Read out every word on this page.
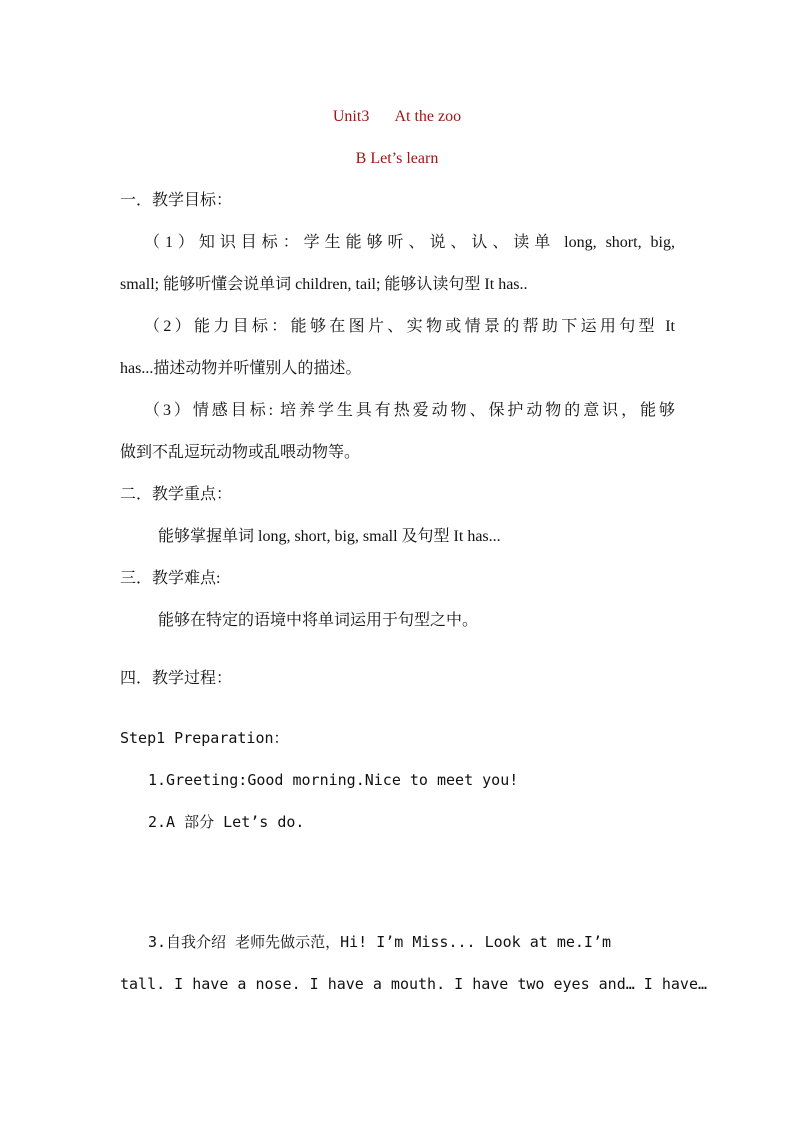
Unit3 At the zoo
B Let’s learn
一．教学目标：
（1）知识目标：学生能够听、说、认、读单 long, short, big,
small; 能够听懂会说单词 children, tail; 能够认读句型 It has..
（2）能力目标：能够在图片、实物或情景的帮助下运用句型 It
has...描述动物并听懂别人的描述。
（3）情感目标: 培养学生具有热爱动物、保护动物的意识，能够
做到不乱逗玩动物或乱喂动物等。
二．教学重点：
能够掌握单词 long, short, big, small 及句型 It has...
三．教学难点:
能够在特定的语境中将单词运用于句型之中。
四．教学过程：
Step1 Preparation：
1.Greeting:Good morning.Nice to meet you!
2.A 部分 Let’s do.
3.自我介绍 老师先做示范，Hi! I’m Miss... Look at me.I’m
tall. I have a nose. I have a mouth. I have two eyes and… I have…
